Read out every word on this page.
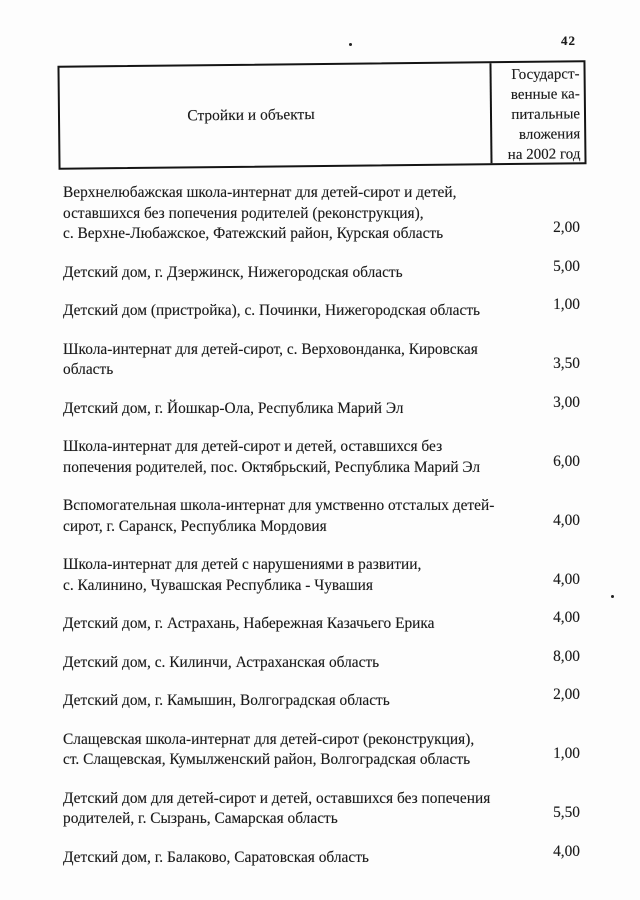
42
Стройки и объекты
Государст-
венные ка-
питальные
вложения
на 2002 год
Верхнелюбажская школа-интернат для детей-сирот и детей,
оставшихся без попечения родителей (реконструкция),
с. Верхне-Любажское, Фатежский район, Курская область	2,00
Детский дом, г. Дзержинск, Нижегородская область	5,00
Детский дом (пристройка), с. Починки, Нижегородская область	1,00
Школа-интернат для детей-сирот, с. Верховонданка, Кировская
область	3,50
Детский дом, г. Йошкар-Ола, Республика Марий Эл	3,00
Школа-интернат для детей-сирот и детей, оставшихся без
попечения родителей, пос. Октябрьский, Республика Марий Эл	6,00
Вспомогательная школа-интернат для умственно отсталых детей-
сирот, г. Саранск, Республика Мордовия	4,00
Школа-интернат для детей с нарушениями в развитии,
с. Калинино, Чувашская Республика - Чувашия	4,00
Детский дом, г. Астрахань, Набережная Казачьего Ерика	4,00
Детский дом, с. Килинчи, Астраханская область	8,00
Детский дом, г. Камышин, Волгоградская область	2,00
Слащевская школа-интернат для детей-сирот (реконструкция),
ст. Слащевская, Кумылженский район, Волгоградская область	1,00
Детский дом для детей-сирот и детей, оставшихся без попечения
родителей, г. Сызрань, Самарская область	5,50
Детский дом, г. Балаково, Саратовская область	4,00
